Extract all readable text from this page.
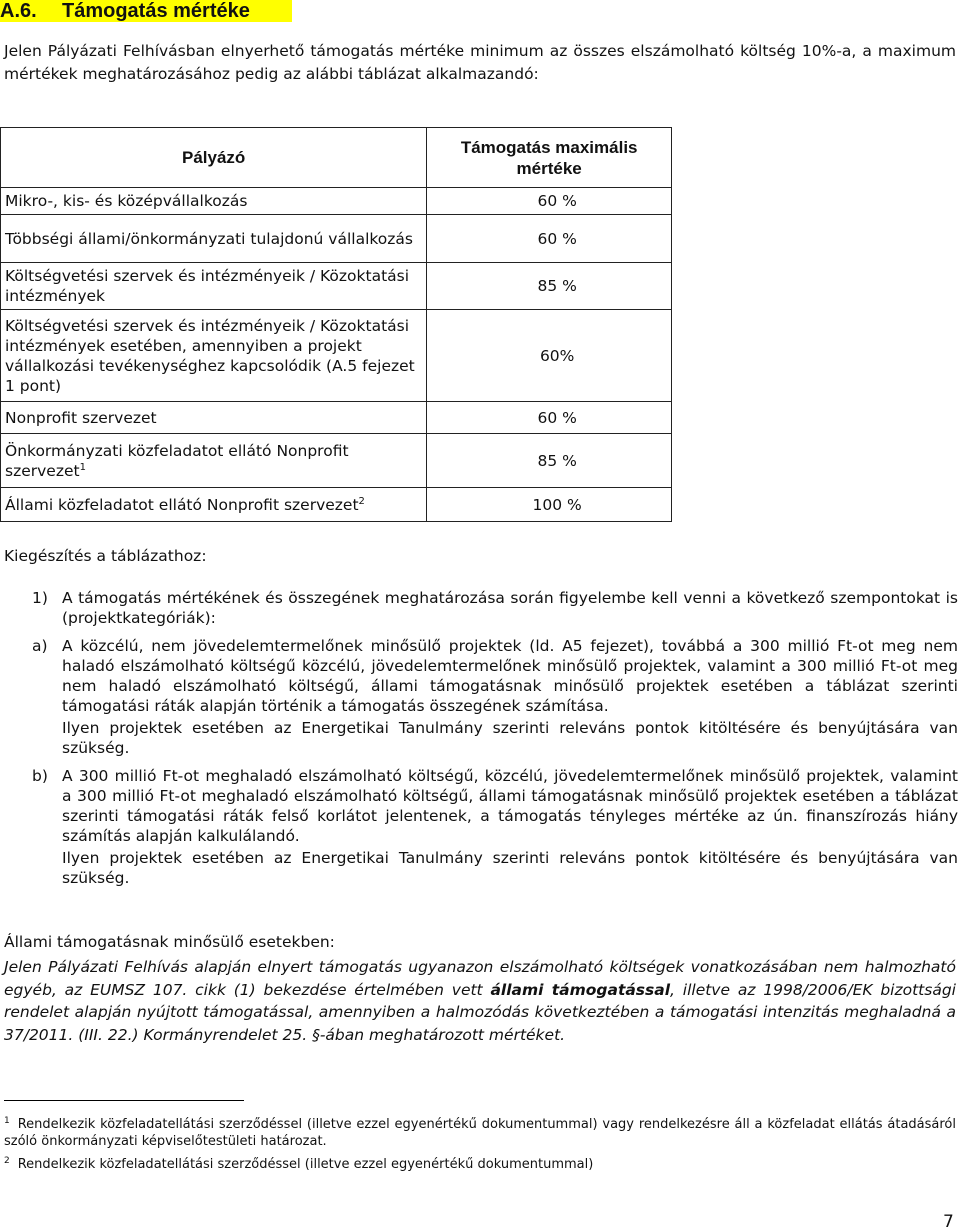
A.6. Támogatás mértéke
Jelen Pályázati Felhívásban elnyerhető támogatás mértéke minimum az összes elszámolható költség 10%-a, a maximum mértékek meghatározásához pedig az alábbi táblázat alkalmazandó:
Pályázó	Támogatás maximális mértéke
Mikro-, kis- és középvállalkozás	60 %
Többségi állami/önkormányzati tulajdonú vállalkozás	60 %
Költségvetési szervek és intézményeik / Közoktatási intézmények	85 %
Költségvetési szervek és intézményeik / Közoktatási intézmények esetében, amennyiben a projekt vállalkozási tevékenységhez kapcsolódik (A.5 fejezet 1 pont)	60%
Nonprofit szervezet	60 %
Önkormányzati közfeladatot ellátó Nonprofit szervezet$^1$	85 %
Állami közfeladatot ellátó Nonprofit szervezet$^2$	100 %
Kiegészítés a táblázathoz:
1) A támogatás mértékének és összegének meghatározása során figyelembe kell venni a következő szempontokat is (projektkategóriák):

a) A közcélú, nem jövedelemtermelőnek minősülő projektek (ld. A5 fejezet), továbbá a 300 millió Ft-ot meg nem haladó elszámolható költségű közcélú, jövedelemtermelőnek minősülő projektek, valamint a 300 millió Ft-ot meg nem haladó elszámolható költségű, állami támogatásnak minősülő projektek esetében a táblázat szerinti támogatási ráták alapján történik a támogatás összegének számítása.

Ilyen projektek esetében az Energetikai Tanulmány szerinti releváns pontok kitöltésére és benyújtására van szükség.

b) A 300 millió Ft-ot meghaladó elszámolható költségű, közcélú, jövedelemtermelőnek minősülő projektek, valamint a 300 millió Ft-ot meghaladó elszámolható költségű, állami támogatásnak minősülő projektek esetében a táblázat szerinti támogatási ráták felső korlátot jelentenek, a támogatás tényleges mértéke az ún. finanszírozás hiány számítás alapján kalkulálandó.

Ilyen projektek esetében az Energetikai Tanulmány szerinti releváns pontok kitöltésére és benyújtására van szükség.

Állami támogatásnak minősülő esetekben:
Jelen Pályázati Felhívás alapján elnyert támogatás ugyanazon elszámolható költségek vonatkozásában nem halmozható egyéb, az EUMSZ 107. cikk (1) bekezdése értelmében vett állami támogatással, illetve az 1998/2006/EK bizottsági rendelet alapján nyújtott támogatással, amennyiben a halmozódás következtében a támogatási intenzitás meghaladná a 37/2011. (III. 22.) Kormányrendelet 25. §-ában meghatározott mértéket.
$^1$ Rendelkezik közfeladatellátási szerződéssel (illetve ezzel egyenértékű dokumentummal) vagy rendelkezésre áll a közfeladat ellátás átadásáról szóló önkormányzati képviselőtestületi határozat.
$^2$ Rendelkezik közfeladatellátási szerződéssel (illetve ezzel egyenértékű dokumentummal)
7
